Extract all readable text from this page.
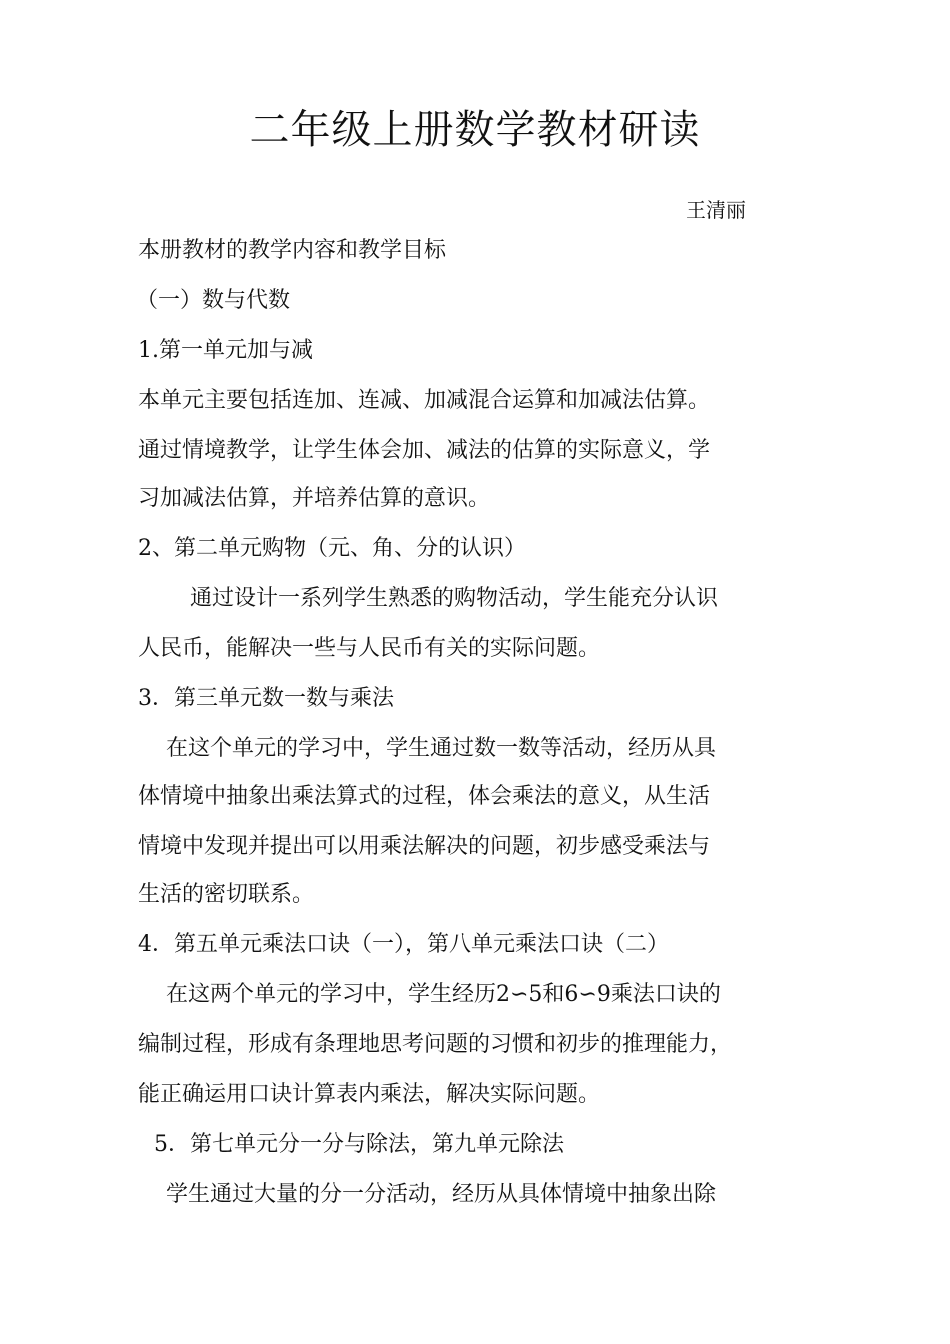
二年级上册数学教材研读
王清丽
本册教材的教学内容和教学目标
（一）数与代数
1.第一单元加与减
本单元主要包括连加、连减、加减混合运算和加减法估算。
通过情境教学，让学生体会加、减法的估算的实际意义，学
习加减法估算，并培养估算的意识。
2、第二单元购物（元、角、分的认识）
通过设计一系列学生熟悉的购物活动，学生能充分认识
人民币，能解决一些与人民币有关的实际问题。
3．第三单元数一数与乘法
在这个单元的学习中，学生通过数一数等活动，经历从具
体情境中抽象出乘法算式的过程，体会乘法的意义，从生活
情境中发现并提出可以用乘法解决的问题，初步感受乘法与
生活的密切联系。
4．第五单元乘法口诀（一），第八单元乘法口诀（二）
在这两个单元的学习中，学生经历2∽5和6∽9乘法口诀的
编制过程，形成有条理地思考问题的习惯和初步的推理能力，
能正确运用口诀计算表内乘法，解决实际问题。
5．第七单元分一分与除法，第九单元除法
学生通过大量的分一分活动，经历从具体情境中抽象出除
